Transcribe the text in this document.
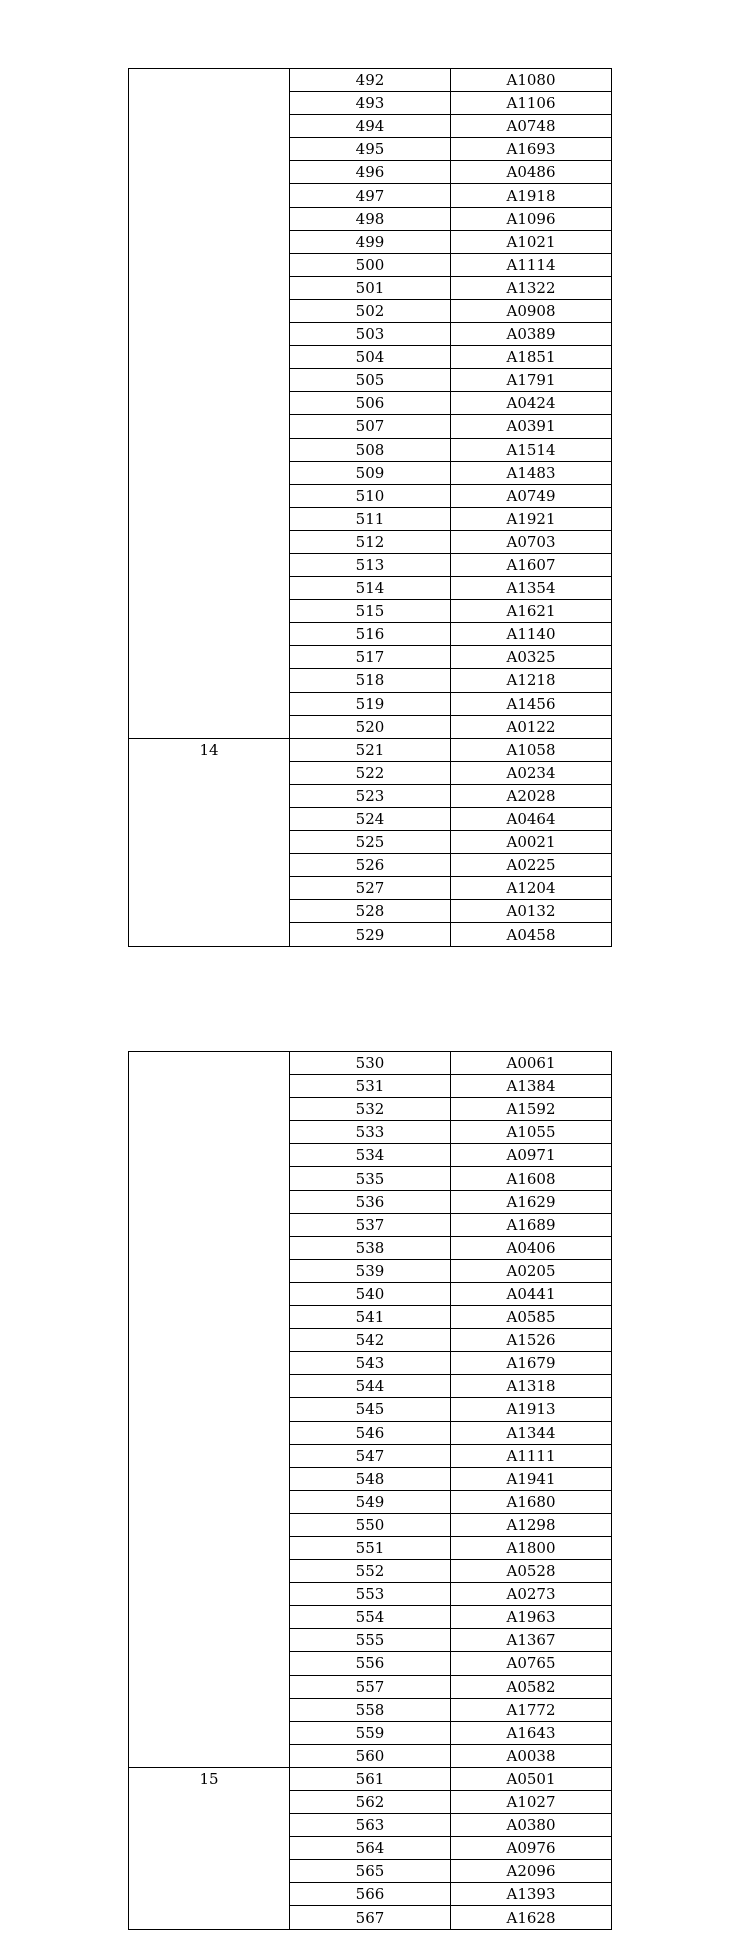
	492	A1080
	493	A1106
	494	A0748
	495	A1693
	496	A0486
	497	A1918
	498	A1096
	499	A1021
	500	A1114
	501	A1322
	502	A0908
	503	A0389
	504	A1851
	505	A1791
	506	A0424
	507	A0391
	508	A1514
	509	A1483
	510	A0749
	511	A1921
	512	A0703
	513	A1607
	514	A1354
	515	A1621
	516	A1140
	517	A0325
	518	A1218
	519	A1456
	520	A0122
14	521	A1058
	522	A0234
	523	A2028
	524	A0464
	525	A0021
	526	A0225
	527	A1204
	528	A0132
	529	A0458
	530	A0061
	531	A1384
	532	A1592
	533	A1055
	534	A0971
	535	A1608
	536	A1629
	537	A1689
	538	A0406
	539	A0205
	540	A0441
	541	A0585
	542	A1526
	543	A1679
	544	A1318
	545	A1913
	546	A1344
	547	A1111
	548	A1941
	549	A1680
	550	A1298
	551	A1800
	552	A0528
	553	A0273
	554	A1963
	555	A1367
	556	A0765
	557	A0582
	558	A1772
	559	A1643
	560	A0038
15	561	A0501
	562	A1027
	563	A0380
	564	A0976
	565	A2096
	566	A1393
	567	A1628
